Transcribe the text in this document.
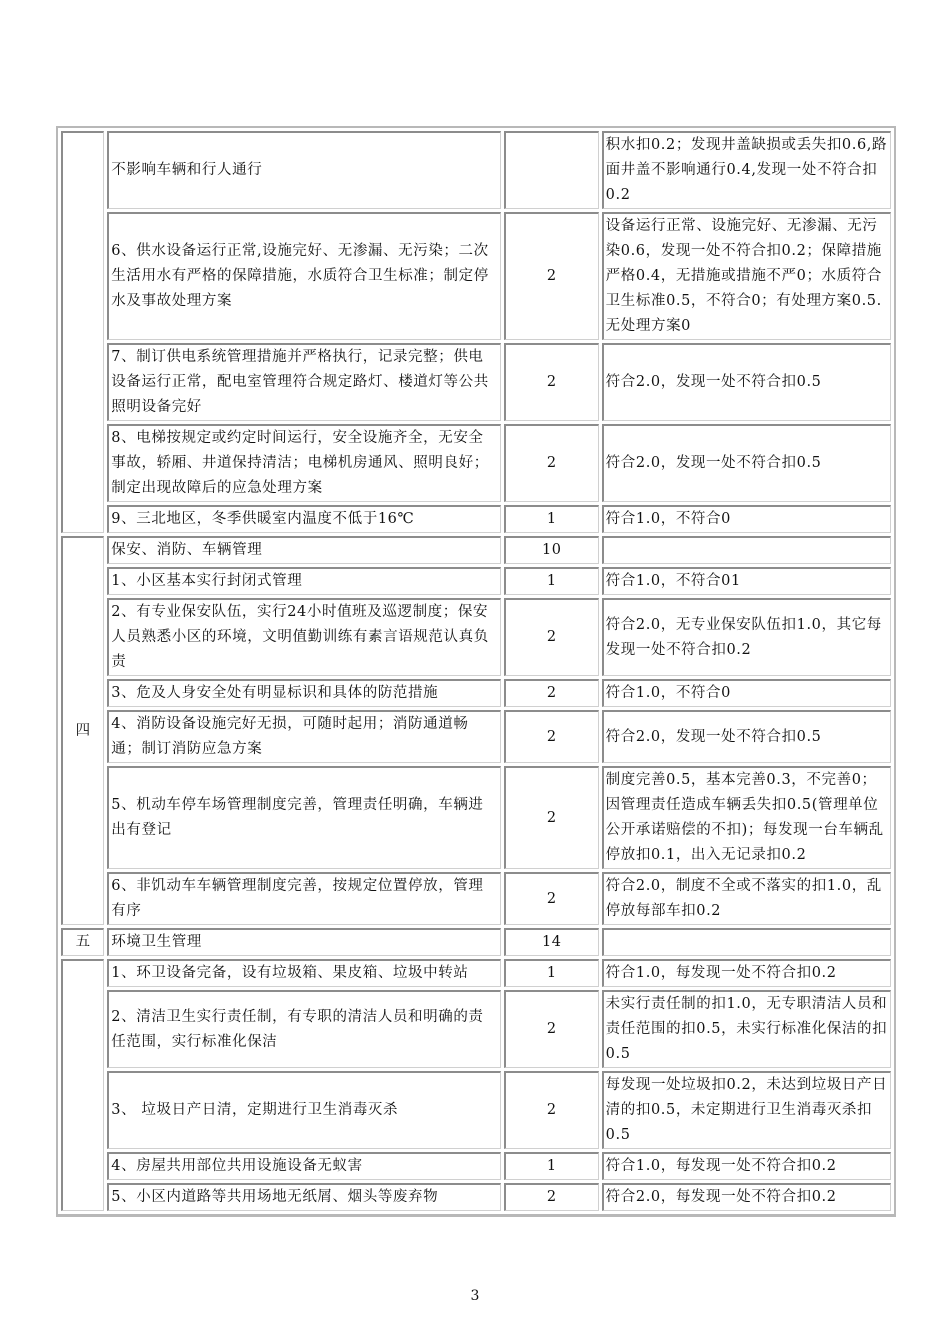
	不影响车辆和行人通行		积水扣0.2；发现井盖缺损或丢失扣0.6,路面井盖不影响通行0.4,发现一处不符合扣0.2
	6、供水设备运行正常,设施完好、无渗漏、无污染；二次生活用水有严格的保障措施，水质符合卫生标准；制定停水及事故处理方案	2	设备运行正常、设施完好、无渗漏、无污染0.6，发现一处不符合扣0.2；保障措施严格0.4，无措施或措施不严0；水质符合卫生标准0.5，不符合0；有处理方案0.5.无处理方案0
	7、制订供电系统管理措施并严格执行，记录完整；供电设备运行正常，配电室管理符合规定路灯、楼道灯等公共照明设备完好	2	符合2.0，发现一处不符合扣0.5
	8、电梯按规定或约定时间运行，安全设施齐全，无安全事故，轿厢、井道保持清洁；电梯机房通风、照明良好；制定出现故障后的应急处理方案	2	符合2.0，发现一处不符合扣0.5
	9、三北地区，冬季供暖室内温度不低于16℃	1	符合1.0，不符合0
四	保安、消防、车辆管理	10	
	1、小区基本实行封闭式管理	1	符合1.0，不符合01
	2、有专业保安队伍，实行24小时值班及巡逻制度；保安人员熟悉小区的环境，文明值勤训练有素言语规范认真负责	2	符合2.0，无专业保安队伍扣1.0，其它每发现一处不符合扣0.2
	3、危及人身安全处有明显标识和具体的防范措施	2	符合1.0，不符合0
	4、消防设备设施完好无损，可随时起用；消防通道畅通；制订消防应急方案	2	符合2.0，发现一处不符合扣0.5
	5、机动车停车场管理制度完善，管理责任明确，车辆进出有登记	2	制度完善0.5，基本完善0.3，不完善0；因管理责任造成车辆丢失扣0.5(管理单位公开承诺赔偿的不扣)；每发现一台车辆乱停放扣0.1，出入无记录扣0.2
	6、非饥动车车辆管理制度完善，按规定位置停放，管理有序	2	符合2.0，制度不全或不落实的扣1.0，乱停放每部车扣0.2
五	环境卫生管理	14	
	1、环卫设备完备，设有垃圾箱、果皮箱、垃圾中转站	1	符合1.0，每发现一处不符合扣0.2
	2、清洁卫生实行责任制，有专职的清洁人员和明确的责任范围，实行标准化保洁	2	未实行责任制的扣1.0，无专职清洁人员和责任范围的扣0.5，未实行标准化保洁的扣0.5
	3、 垃圾日产日清，定期进行卫生消毒灭杀	2	每发现一处垃圾扣0.2，未达到垃圾日产日清的扣0.5，未定期进行卫生消毒灭杀扣0.5
	4、房屋共用部位共用设施设备无蚁害	1	符合1.0，每发现一处不符合扣0.2
	5、小区内道路等共用场地无纸屑、烟头等废弃物	2	符合2.0，每发现一处不符合扣0.2
3
